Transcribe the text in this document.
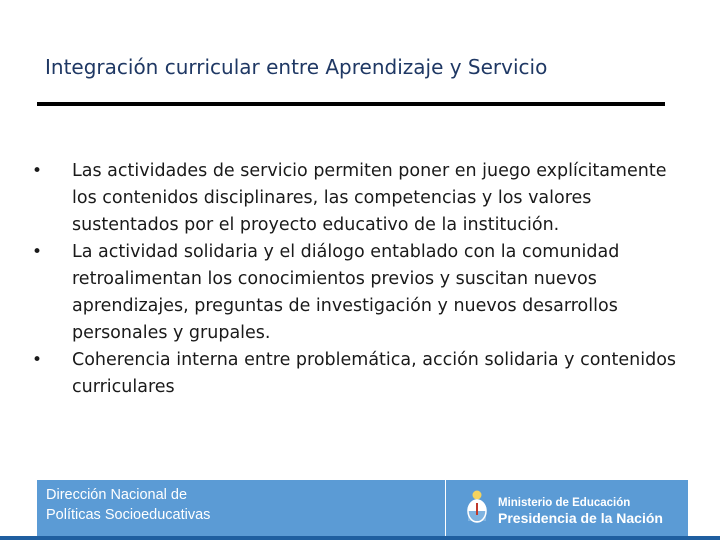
Integración curricular entre Aprendizaje y Servicio
•	Las actividades de servicio permiten poner en juego explícitamente los contenidos disciplinares, las competencias y los valores sustentados por el proyecto educativo de la institución.
•	La actividad solidaria y el diálogo entablado con la comunidad retroalimentan los conocimientos previos y suscitan nuevos aprendizajes, preguntas de investigación y nuevos desarrollos personales y grupales.
•	Coherencia interna entre problemática, acción solidaria y contenidos curriculares
Dirección Nacional de
Políticas Socioeducativas
Ministerio de Educación
Presidencia de la Nación
